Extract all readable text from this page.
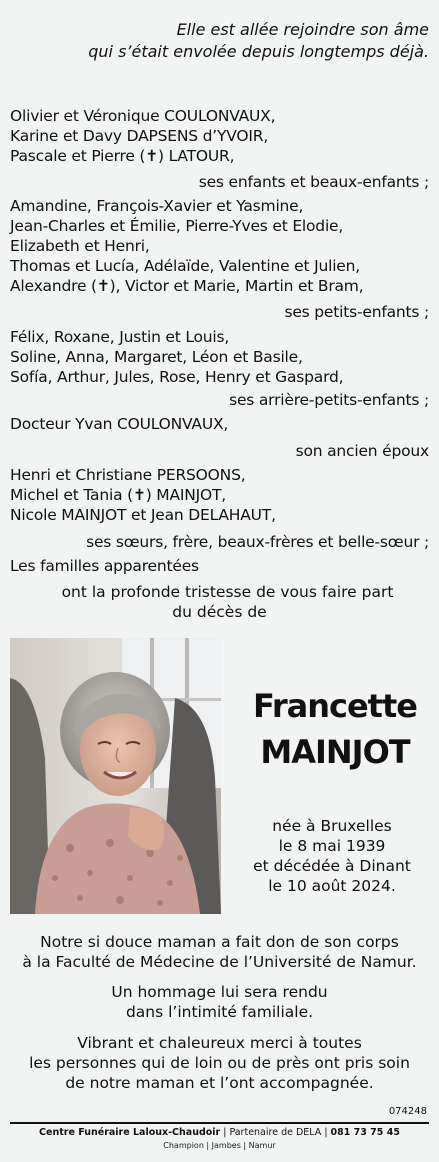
Elle est allée rejoindre son âme
qui s’était envolée depuis longtemps déjà.
Olivier et Véronique COULONVAUX,
Karine et Davy DAPSENS d’YVOIR,
Pascale et Pierre (✝) LATOUR,
ses enfants et beaux-enfants ;
Amandine, François-Xavier et Yasmine,
Jean-Charles et Émilie, Pierre-Yves et Elodie,
Elizabeth et Henri,
Thomas et Lucía, Adélaïde, Valentine et Julien,
Alexandre (✝), Victor et Marie, Martin et Bram,
ses petits-enfants ;
Félix, Roxane, Justin et Louis,
Soline, Anna, Margaret, Léon et Basile,
Sofía, Arthur, Jules, Rose, Henry et Gaspard,
ses arrière-petits-enfants ;
Docteur Yvan COULONVAUX,
son ancien époux
Henri et Christiane PERSOONS,
Michel et Tania (✝) MAINJOT,
Nicole MAINJOT et Jean DELAHAUT,
ses sœurs, frère, beaux-frères et belle-sœur ;
Les familles apparentées
ont la profonde tristesse de vous faire part
du décès de
Francette
MAINJOT
née à Bruxelles
le 8 mai 1939
et décédée à Dinant
le 10 août 2024.
Notre si douce maman a fait don de son corps
à la Faculté de Médecine de l’Université de Namur.
Un hommage lui sera rendu
dans l’intimité familiale.
Vibrant et chaleureux merci à toutes
les personnes qui de loin ou de près ont pris soin
de notre maman et l’ont accompagnée.
074248
Centre Funéraire Laloux-Chaudoir | Partenaire de DELA | 081 73 75 45
Champion | Jambes | Namur
